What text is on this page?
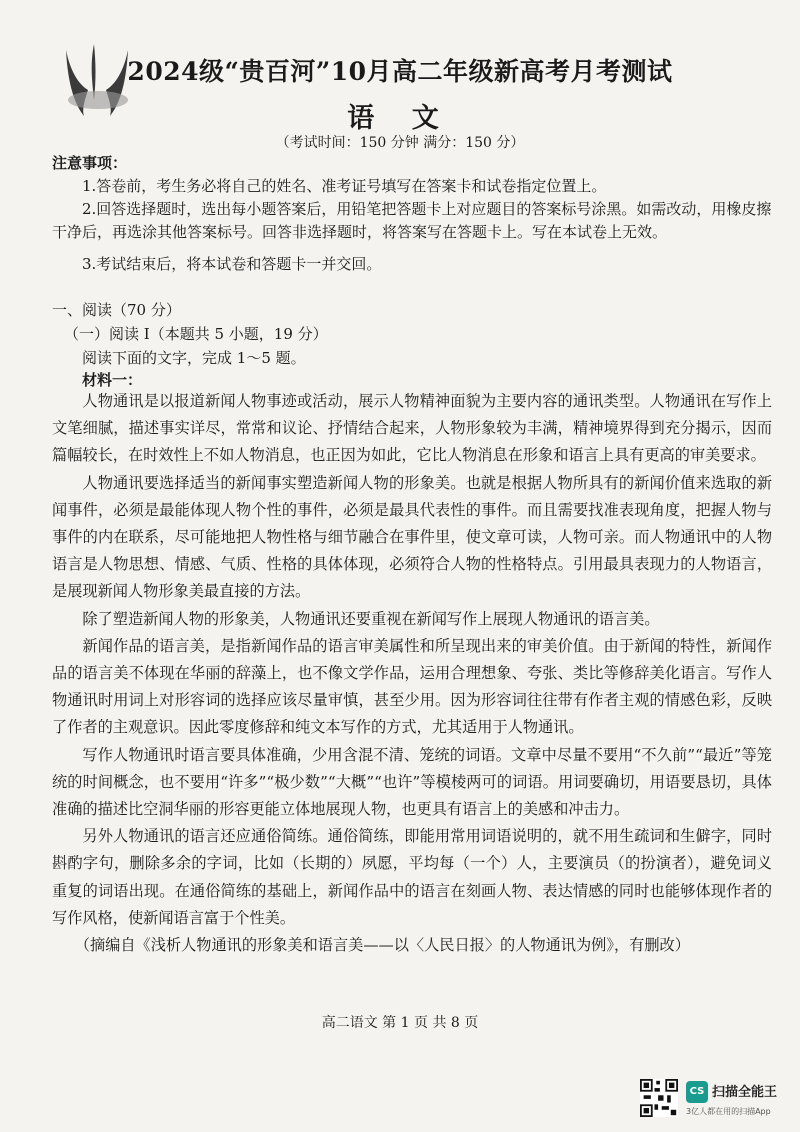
2024级“贵百河”10月高二年级新高考月考测试
语 文
（考试时间：150 分钟 满分：150 分）
注意事项：

1.答卷前，考生务必将自己的姓名、准考证号填写在答案卡和试卷指定位置上。

2.回答选择题时，选出每小题答案后，用铅笔把答题卡上对应题目的答案标号涂黑。如需改动，用橡皮擦干净后，再选涂其他答案标号。回答非选择题时，将答案写在答题卡上。写在本试卷上无效。

3.考试结束后，将本试卷和答题卡一并交回。

一、阅读（70 分）
（一）阅读 I（本题共 5 小题，19 分）
阅读下面的文字，完成 1～5 题。
材料一：

人物通讯是以报道新闻人物事迹或活动，展示人物精神面貌为主要内容的通讯类型。人物通讯在写作上文笔细腻，描述事实详尽，常常和议论、抒情结合起来，人物形象较为丰满，精神境界得到充分揭示，因而篇幅较长，在时效性上不如人物消息，也正因为如此，它比人物消息在形象和语言上具有更高的审美要求。

人物通讯要选择适当的新闻事实塑造新闻人物的形象美。也就是根据人物所具有的新闻价值来选取的新闻事件，必须是最能体现人物个性的事件，必须是最具代表性的事件。而且需要找准表现角度，把握人物与事件的内在联系，尽可能地把人物性格与细节融合在事件里，使文章可读，人物可亲。而人物通讯中的人物语言是人物思想、情感、气质、性格的具体体现，必须符合人物的性格特点。引用最具表现力的人物语言，是展现新闻人物形象美最直接的方法。

除了塑造新闻人物的形象美，人物通讯还要重视在新闻写作上展现人物通讯的语言美。

新闻作品的语言美，是指新闻作品的语言审美属性和所呈现出来的审美价值。由于新闻的特性，新闻作品的语言美不体现在华丽的辞藻上，也不像文学作品，运用合理想象、夸张、类比等修辞美化语言。写作人物通讯时用词上对形容词的选择应该尽量审慎，甚至少用。因为形容词往往带有作者主观的情感色彩，反映了作者的主观意识。因此零度修辞和纯文本写作的方式，尤其适用于人物通讯。

写作人物通讯时语言要具体准确，少用含混不清、笼统的词语。文章中尽量不要用“不久前”“最近”等笼统的时间概念，也不要用“许多”“极少数”“大概”“也许”等模棱两可的词语。用词要确切，用语要恳切，具体准确的描述比空洞华丽的形容更能立体地展现人物，也更具有语言上的美感和冲击力。

另外人物通讯的语言还应通俗简练。通俗简练，即能用常用词语说明的，就不用生疏词和生僻字，同时斟酌字句，删除多余的字词，比如（长期的）夙愿，平均每（一个）人，主要演员（的扮演者），避免词义重复的词语出现。在通俗简练的基础上，新闻作品中的语言在刻画人物、表达情感的同时也能够体现作者的写作风格，使新闻语言富于个性美。

（摘编自《浅析人物通讯的形象美和语言美——以〈人民日报〉的人物通讯为例》，有删改）

高二语文 第 1 页 共 8 页
CS 扫描全能王
3亿人都在用的扫描App
